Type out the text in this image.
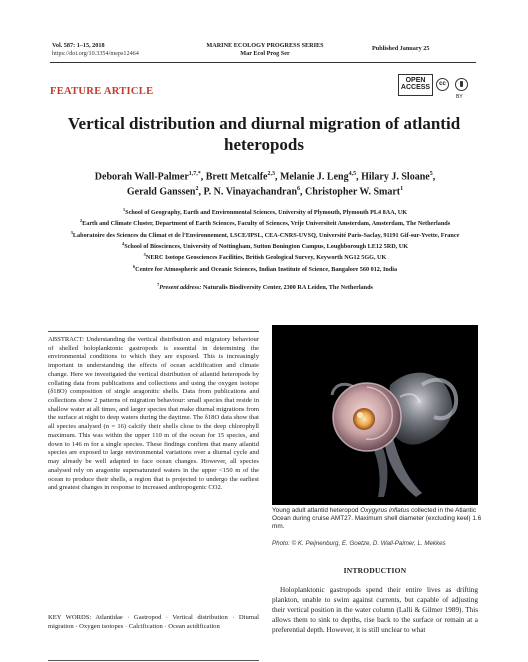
Vol. 587: 1–15, 2018
https://doi.org/10.3354/meps12464
MARINE ECOLOGY PROGRESS SERIES
Mar Ecol Prog Ser
Published January 25
OPEN
ACCESS	cc
BY
FEATURE ARTICLE
Vertical distribution and diurnal migration of atlantid heteropods
Deborah Wall-Palmer$^{1,7,*}$, Brett Metcalfe$^{2,3}$, Melanie J. Leng$^{4,5}$, Hilary J. Sloane$^5$,
Gerald Ganssen$^2$, P. N. Vinayachandran$^6$, Christopher W. Smart$^1$

$^1$School of Geography, Earth and Environmental Sciences, University of Plymouth, Plymouth PL4 8AA, UK

$^2$Earth and Climate Cluster, Department of Earth Sciences, Faculty of Sciences, Vrije Universiteit Amsterdam, Amsterdam, The Netherlands

$^3$Laboratoire des Sciences du Climat et de l'Environnement, LSCE/IPSL, CEA-CNRS-UVSQ, Université Paris-Saclay, 91191 Gif-sur-Yvette, France

$^4$School of Biosciences, University of Nottingham, Sutton Bonington Campus, Loughborough LE12 5RD, UK

$^5$NERC Isotope Geosciences Facilities, British Geological Survey, Keyworth NG12 5GG, UK

$^6$Centre for Atmospheric and Oceanic Sciences, Indian Institute of Science, Bangalore 560 012, India

$^7$Present address: Naturalis Biodiversity Center, 2300 RA Leiden, The Netherlands

ABSTRACT: Understanding the vertical distribution and migratory behaviour of shelled holoplanktonic gastropods is essential in determining the environmental conditions to which they are exposed. This is increasingly important in understanding the effects of ocean acidification and climate change. Here we investigated the vertical distribution of atlantid heteropods by collating data from publications and collections and using the oxygen isotope (δ18O) composition of single aragonitic shells. Data from publications and collections show 2 patterns of migration behaviour: small species that reside in shallow water at all times, and larger species that make diurnal migrations from the surface at night to deep waters during the daytime. The δ18O data show that all species analysed (n = 16) calcify their shells close to the deep chlorophyll maximum. This was within the upper 110 m of the ocean for 15 species, and down to 146 m for a single species. These findings confirm that many atlantid species are exposed to large environmental variations over a diurnal cycle and may already be well adapted to face ocean changes. However, all species analysed rely on aragonite supersaturated waters in the upper <150 m of the ocean to produce their shells, a region that is projected to undergo the earliest and greatest changes in response to increased anthropogenic CO2.

KEY WORDS: Atlantidae · Gastropod · Vertical distribution · Diurnal migration · Oxygen isotopes · Calcification · Ocean acidification

Young adult atlantid heteropod Oxygyrus inflatus collected in the Atlantic Ocean during cruise AMT27. Maximum shell diameter (excluding keel) 1.6 mm.

Photo: © K. Peijnenburg, E. Goetze, D. Wall-Palmer, L. Mekkes
INTRODUCTION

Holoplanktonic gastropods spend their entire lives as drifting plankton, unable to swim against currents, but capable of adjusting their vertical position in the water column (Lalli & Gilmer 1989). This allows them to sink to depths, rise back to the surface or remain at a preferential depth. However, it is still unclear to what
